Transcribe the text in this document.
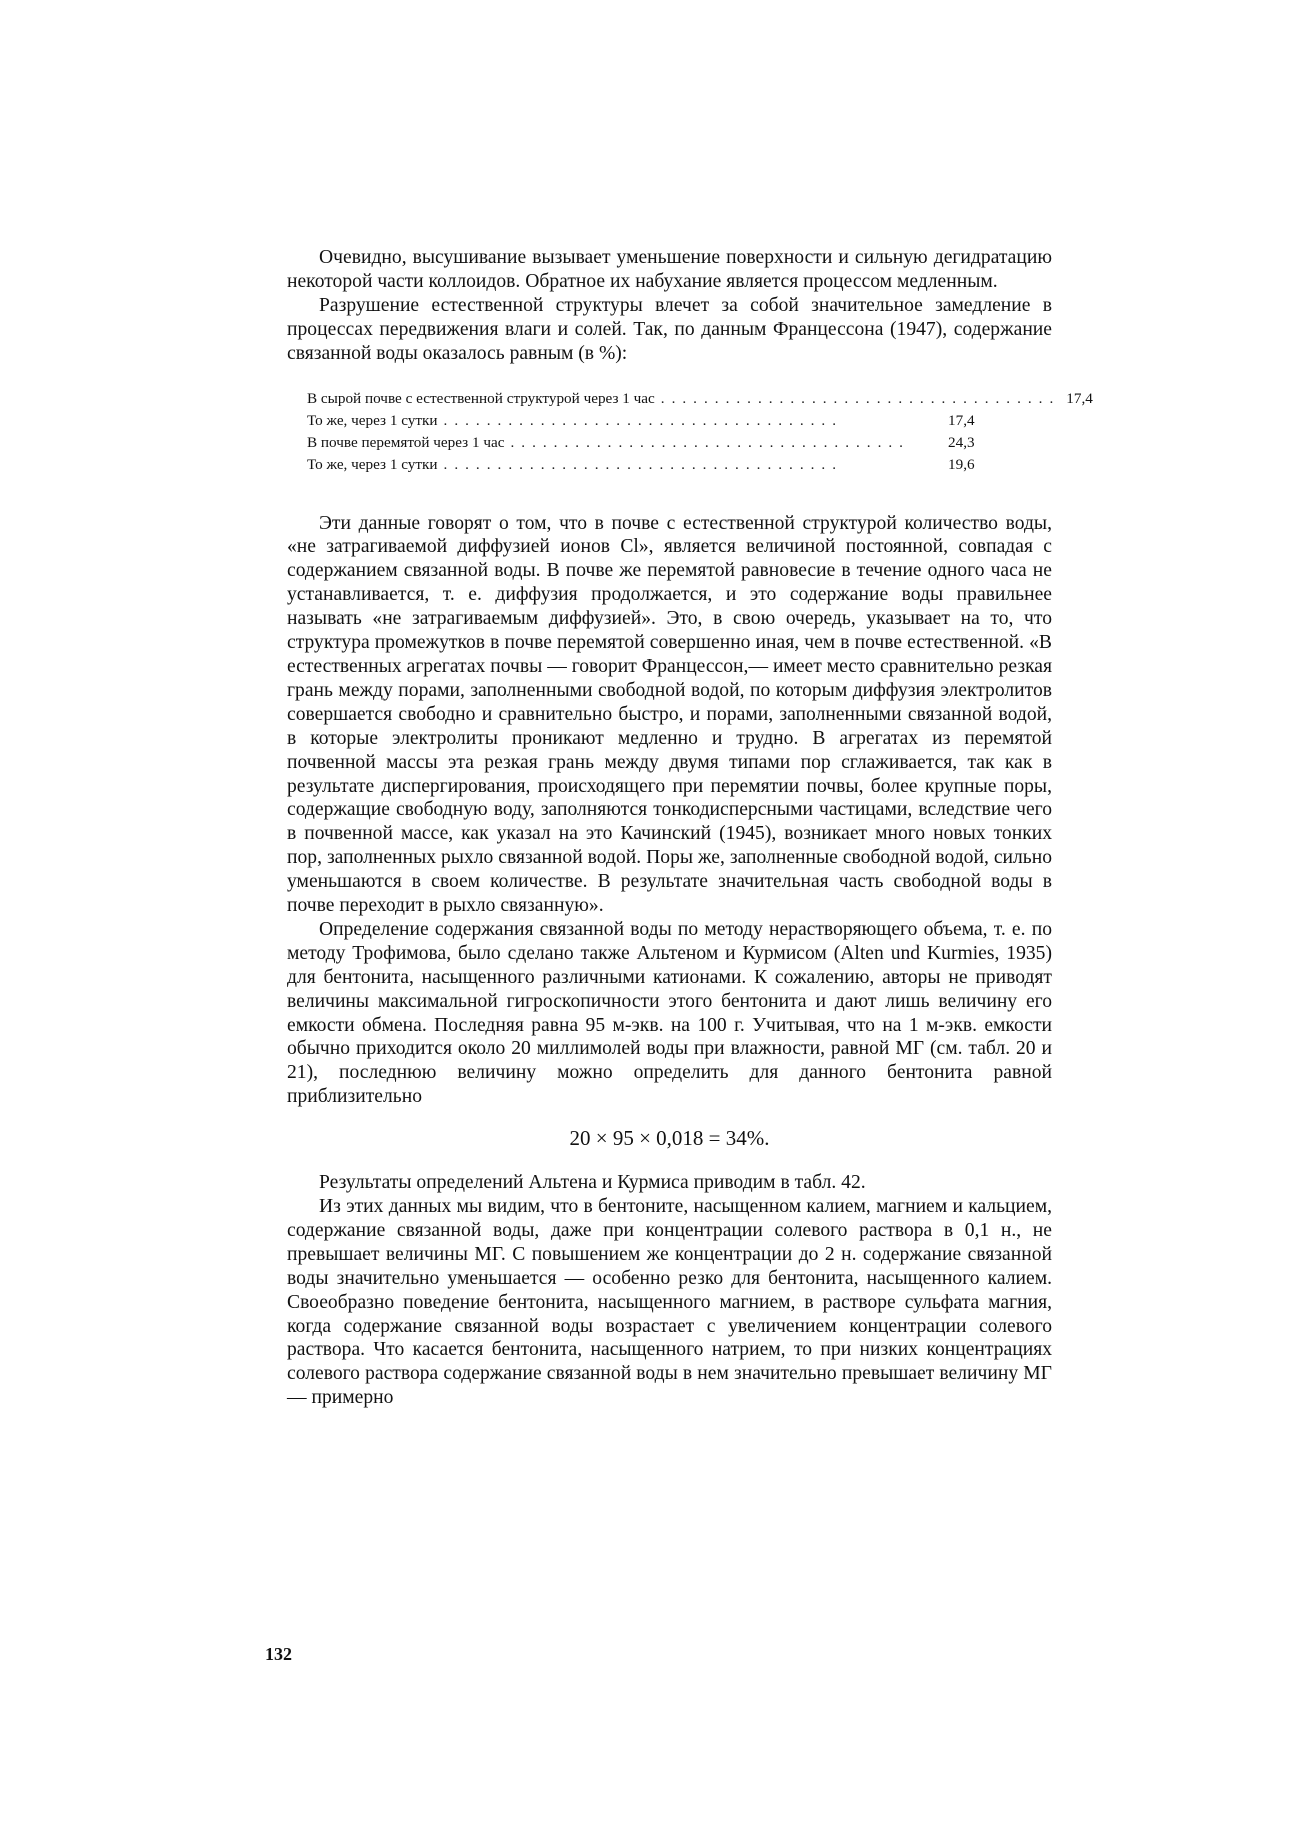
Очевидно, высушивание вызывает уменьшение поверхности и сильную дегидратацию некоторой части коллоидов. Обратное их набухание является процессом медленным.

Разрушение естественной структуры влечет за собой значительное замедление в процессах передвижения влаги и солей. Так, по данным Францессона (1947), содержание связанной воды оказалось равным (в %):

В сырой почве с естественной структурой через 1 час ..................................... 17,4
То же, через 1 сутки .....................................	17,4
В почве перемятой через 1 час .....................................	24,3
То же, через 1 сутки .....................................	19,6

Эти данные говорят о том, что в почве с естественной структурой количество воды, «не затрагиваемой диффузией ионов Cl», является величиной постоянной, совпадая с содержанием связанной воды. В почве же перемятой равновесие в течение одного часа не устанавливается, т. е. диффузия продолжается, и это содержание воды правильнее называть «не затрагиваемым диффузией». Это, в свою очередь, указывает на то, что структура промежутков в почве перемятой совершенно иная, чем в почве естественной. «В естественных агрегатах почвы — говорит Францессон,— имеет место сравнительно резкая грань между порами, заполненными свободной водой, по которым диффузия электролитов совершается свободно и сравнительно быстро, и порами, заполненными связанной водой, в которые электролиты проникают медленно и трудно. В агрегатах из перемятой почвенной массы эта резкая грань между двумя типами пор сглаживается, так как в результате диспергирования, происходящего при перемятии почвы, более крупные поры, содержащие свободную воду, заполняются тонкодисперсными частицами, вследствие чего в почвенной массе, как указал на это Качинский (1945), возникает много новых тонких пор, заполненных рыхло связанной водой. Поры же, заполненные свободной водой, сильно уменьшаются в своем количестве. В результате значительная часть свободной воды в почве переходит в рыхло связанную».

Определение содержания связанной воды по методу нерастворяющего объема, т. е. по методу Трофимова, было сделано также Альтеном и Курмисом (Alten und Kurmies, 1935) для бентонита, насыщенного различными катионами. К сожалению, авторы не приводят величины максимальной гигроскопичности этого бентонита и дают лишь величину его емкости обмена. Последняя равна 95 м-экв. на 100 г. Учитывая, что на 1 м-экв. емкости обычно приходится около 20 миллимолей воды при влажности, равной МГ (см. табл. 20 и 21), последнюю величину можно определить для данного бентонита равной приблизительно

20 × 95 × 0,018 = 34%.

Результаты определений Альтена и Курмиса приводим в табл. 42.

Из этих данных мы видим, что в бентоните, насыщенном калием, магнием и кальцием, содержание связанной воды, даже при концентрации солевого раствора в 0,1 н., не превышает величины МГ. С повышением же концентрации до 2 н. содержание связанной воды значительно уменьшается — особенно резко для бентонита, насыщенного калием. Своеобразно поведение бентонита, насыщенного магнием, в растворе сульфата магния, когда содержание связанной воды возрастает с увеличением концентрации солевого раствора. Что касается бентонита, насыщенного натрием, то при низких концентрациях солевого раствора содержание связанной воды в нем значительно превышает величину МГ — примерно

132
